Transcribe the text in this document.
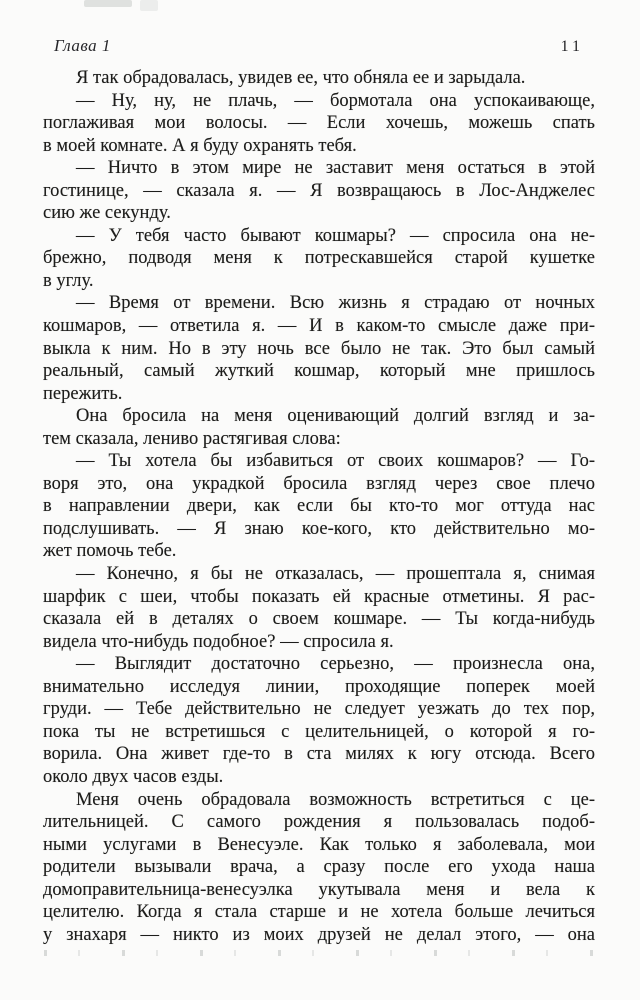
Глава 1	11
Я так обрадовалась, увидев ее, что обняла ее и зарыдала.
— Ну, ну, не плачь, — бормотала она успокаивающе,
поглаживая мои волосы. — Если хочешь, можешь спать
в моей комнате. А я буду охранять тебя.
— Ничто в этом мире не заставит меня остаться в этой
гостинице, — сказала я. — Я возвращаюсь в Лос-Анджелес
сию же секунду.
— У тебя часто бывают кошмары? — спросила она не-
брежно, подводя меня к потрескавшейся старой кушетке
в углу.
— Время от времени. Всю жизнь я страдаю от ночных
кошмаров, — ответила я. — И в каком-то смысле даже при-
выкла к ним. Но в эту ночь все было не так. Это был самый
реальный, самый жуткий кошмар, который мне пришлось
пережить.
Она бросила на меня оценивающий долгий взгляд и за-
тем сказала, лениво растягивая слова:
— Ты хотела бы избавиться от своих кошмаров? — Го-
воря это, она украдкой бросила взгляд через свое плечо
в направлении двери, как если бы кто-то мог оттуда нас
подслушивать. — Я знаю кое-кого, кто действительно мо-
жет помочь тебе.
— Конечно, я бы не отказалась, — прошептала я, снимая
шарфик с шеи, чтобы показать ей красные отметины. Я рас-
сказала ей в деталях о своем кошмаре. — Ты когда-нибудь
видела что-нибудь подобное? — спросила я.
— Выглядит достаточно серьезно, — произнесла она,
внимательно исследуя линии, проходящие поперек моей
груди. — Тебе действительно не следует уезжать до тех пор,
пока ты не встретишься с целительницей, о которой я го-
ворила. Она живет где-то в ста милях к югу отсюда. Всего
около двух часов езды.
Меня очень обрадовала возможность встретиться с це-
лительницей. С самого рождения я пользовалась подоб-
ными услугами в Венесуэле. Как только я заболевала, мои
родители вызывали врача, а сразу после его ухода наша
домоправительница-венесуэлка укутывала меня и вела к
целителю. Когда я стала старше и не хотела больше лечиться
у знахаря — никто из моих друзей не делал этого, — она
